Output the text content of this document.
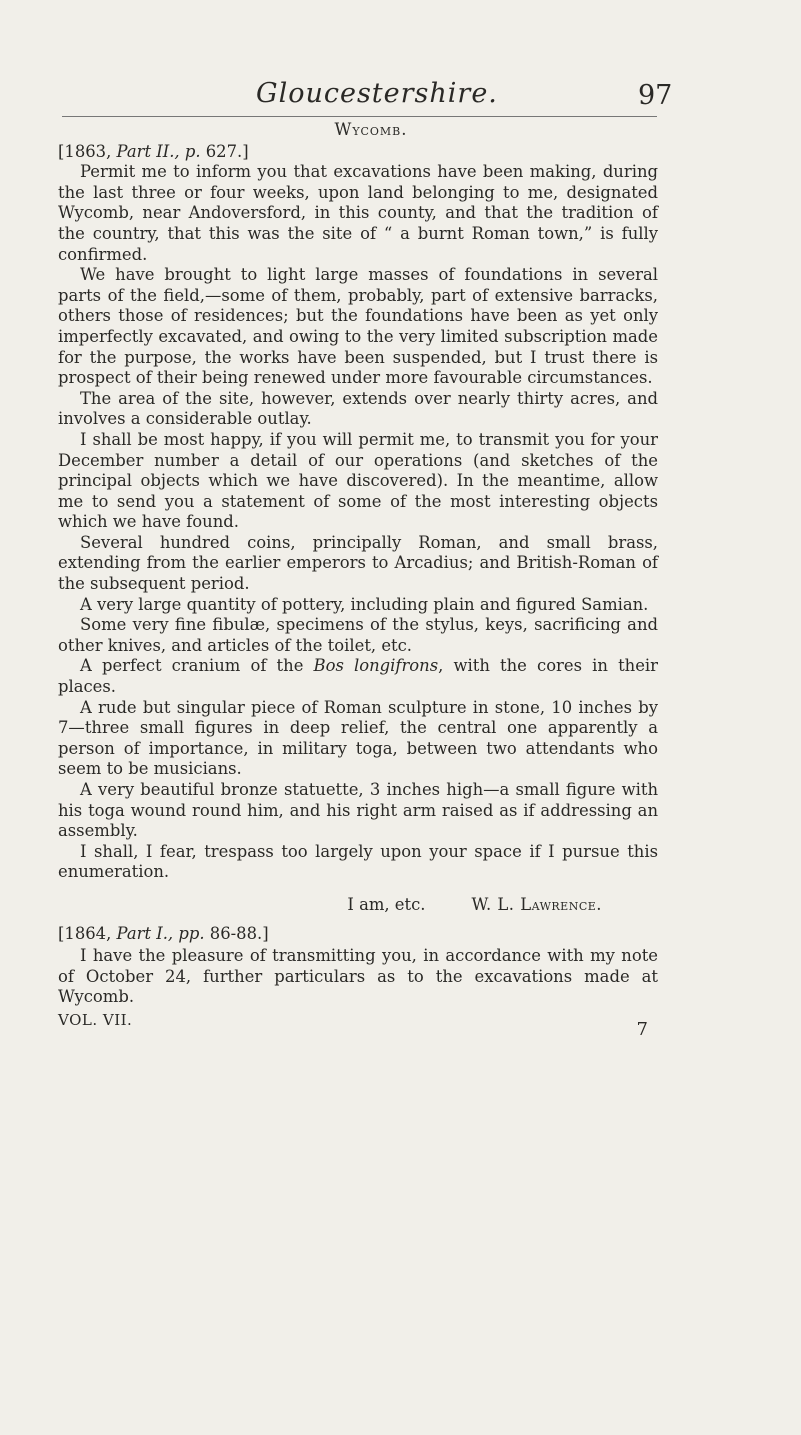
Gloucestershire.	97
Wycomb.
[1863, Part II., p. 627.]

Permit me to inform you that excavations have been making, during the last three or four weeks, upon land belonging to me, designated Wycomb, near Andoversford, in this county, and that the tradition of the country, that this was the site of “ a burnt Roman town,” is fully confirmed.

We have brought to light large masses of foundations in several parts of the field,—some of them, probably, part of extensive barracks, others those of residences; but the foundations have been as yet only imperfectly excavated, and owing to the very limited subscription made for the purpose, the works have been suspended, but I trust there is prospect of their being renewed under more favourable circumstances.

The area of the site, however, extends over nearly thirty acres, and involves a considerable outlay.

I shall be most happy, if you will permit me, to transmit you for your December number a detail of our operations (and sketches of the principal objects which we have discovered). In the meantime, allow me to send you a statement of some of the most interesting objects which we have found.

Several hundred coins, principally Roman, and small brass, extending from the earlier emperors to Arcadius; and British-Roman of the subsequent period.

A very large quantity of pottery, including plain and figured Samian.

Some very fine fibulæ, specimens of the stylus, keys, sacrificing and other knives, and articles of the toilet, etc.

A perfect cranium of the Bos longifrons, with the cores in their places.

A rude but singular piece of Roman sculpture in stone, 10 inches by 7—three small figures in deep relief, the central one apparently a person of importance, in military toga, between two attendants who seem to be musicians.

A very beautiful bronze statuette, 3 inches high—a small figure with his toga wound round him, and his right arm raised as if addressing an assembly.

I shall, I fear, trespass too largely upon your space if I pursue this enumeration.

I am, etc.	W. L. Lawrence.
[1864, Part I., pp. 86-88.]

I have the pleasure of transmitting you, in accordance with my note of October 24, further particulars as to the excavations made at Wycomb.

VOL. VII.	7
